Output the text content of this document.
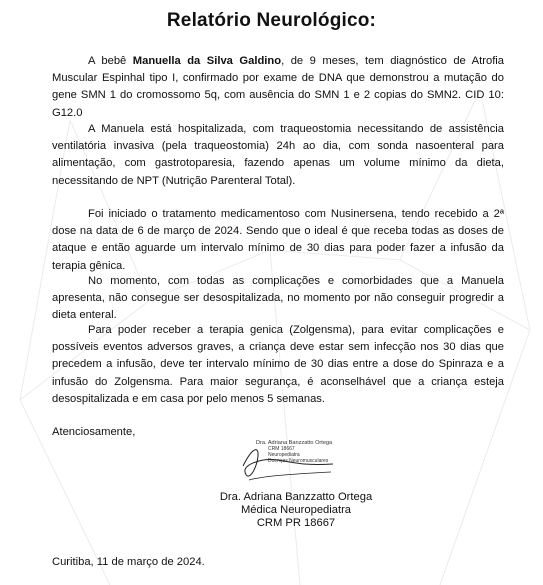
Relatório Neurológico:

A bebê Manuella da Silva Galdino, de 9 meses, tem diagnóstico de Atrofia Muscular Espinhal tipo I, confirmado por exame de DNA que demonstrou a mutação do gene SMN 1 do cromossomo 5q, com ausência do SMN 1 e 2 copias do SMN2. CID 10: G12.0

A Manuela está hospitalizada, com traqueostomia necessitando de assistência ventilatória invasiva (pela traqueostomia) 24h ao dia, com sonda nasoenteral para alimentação, com gastrotoparesia, fazendo apenas um volume mínimo da dieta, necessitando de NPT (Nutrição Parenteral Total).

Foi iniciado o tratamento medicamentoso com Nusinersena, tendo recebido a 2ª dose na data de 6 de março de 2024. Sendo que o ideal é que receba todas as doses de ataque e então aguarde um intervalo mínimo de 30 dias para poder fazer a infusão da terapia gênica.

No momento, com todas as complicações e comorbidades que a Manuela apresenta, não consegue ser desospitalizada, no momento por não conseguir progredir a dieta enteral.

Para poder receber a terapia genica (Zolgensma), para evitar complicações e possíveis eventos adversos graves, a criança deve estar sem infecção nos 30 dias que precedem a infusão, deve ter intervalo mínimo de 30 dias entre a dose do Spinraza e a infusão do Zolgensma. Para maior segurança, é aconselhável que a criança esteja desospitalizada e em casa por pelo menos 5 semanas.

Atenciosamente,
Dra. Adriana Banzzatto Ortega
CRM 18667
Neuropediatra
Doenças Neuromusculares
Dra. Adriana Banzzatto Ortega
Médica Neuropediatra
CRM PR 18667
Curitiba, 11 de março de 2024.
